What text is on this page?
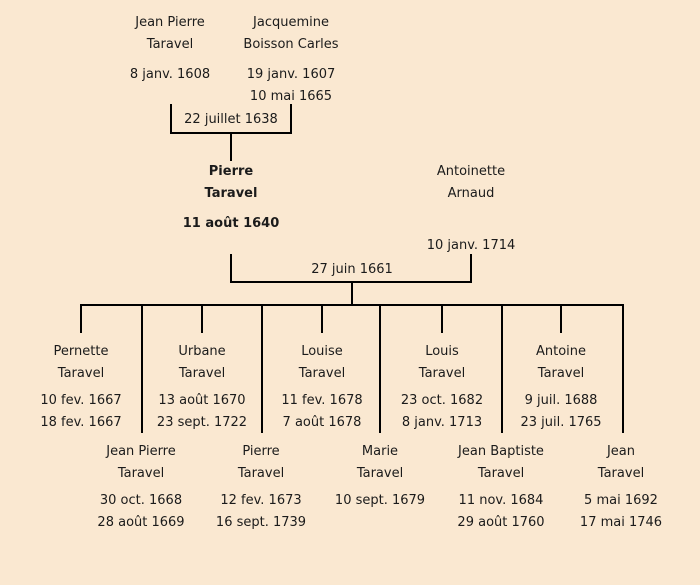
Jean Pierre
Taravel
8 janv. 1608
Jacquemine
Boisson Carles
19 janv. 1607
10 mai 1665
22 juillet 1638
Pierre
Taravel
11 août 1640
Antoinette
Arnaud
10 janv. 1714
27 juin 1661
Pernette
Taravel
10 fev. 1667
18 fev. 1667
Urbane
Taravel
13 août 1670
23 sept. 1722
Louise
Taravel
11 fev. 1678
7 août 1678
Louis
Taravel
23 oct. 1682
8 janv. 1713
Antoine
Taravel
9 juil. 1688
23 juil. 1765
Jean Pierre
Taravel
30 oct. 1668
28 août 1669
Pierre
Taravel
12 fev. 1673
16 sept. 1739
Marie
Taravel
10 sept. 1679
Jean Baptiste
Taravel
11 nov. 1684
29 août 1760
Jean
Taravel
5 mai 1692
17 mai 1746
